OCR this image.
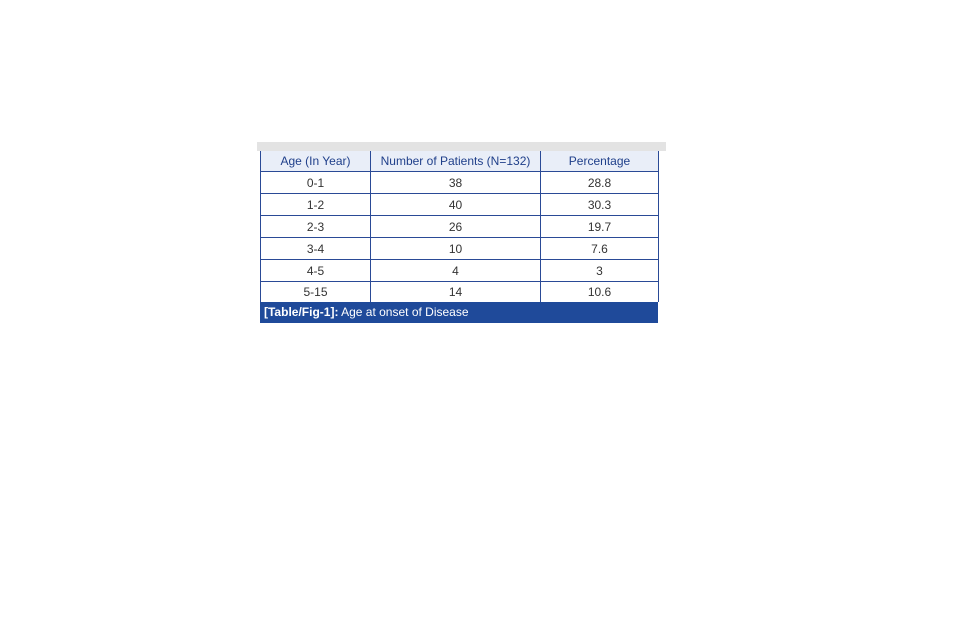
Age (In Year)	Number of Patients (N=132)	Percentage
0-1	38	28.8
1-2	40	30.3
2-3	26	19.7
3-4	10	7.6
4-5	4	3
5-15	14	10.6
[Table/Fig-1]: Age at onset of Disease
